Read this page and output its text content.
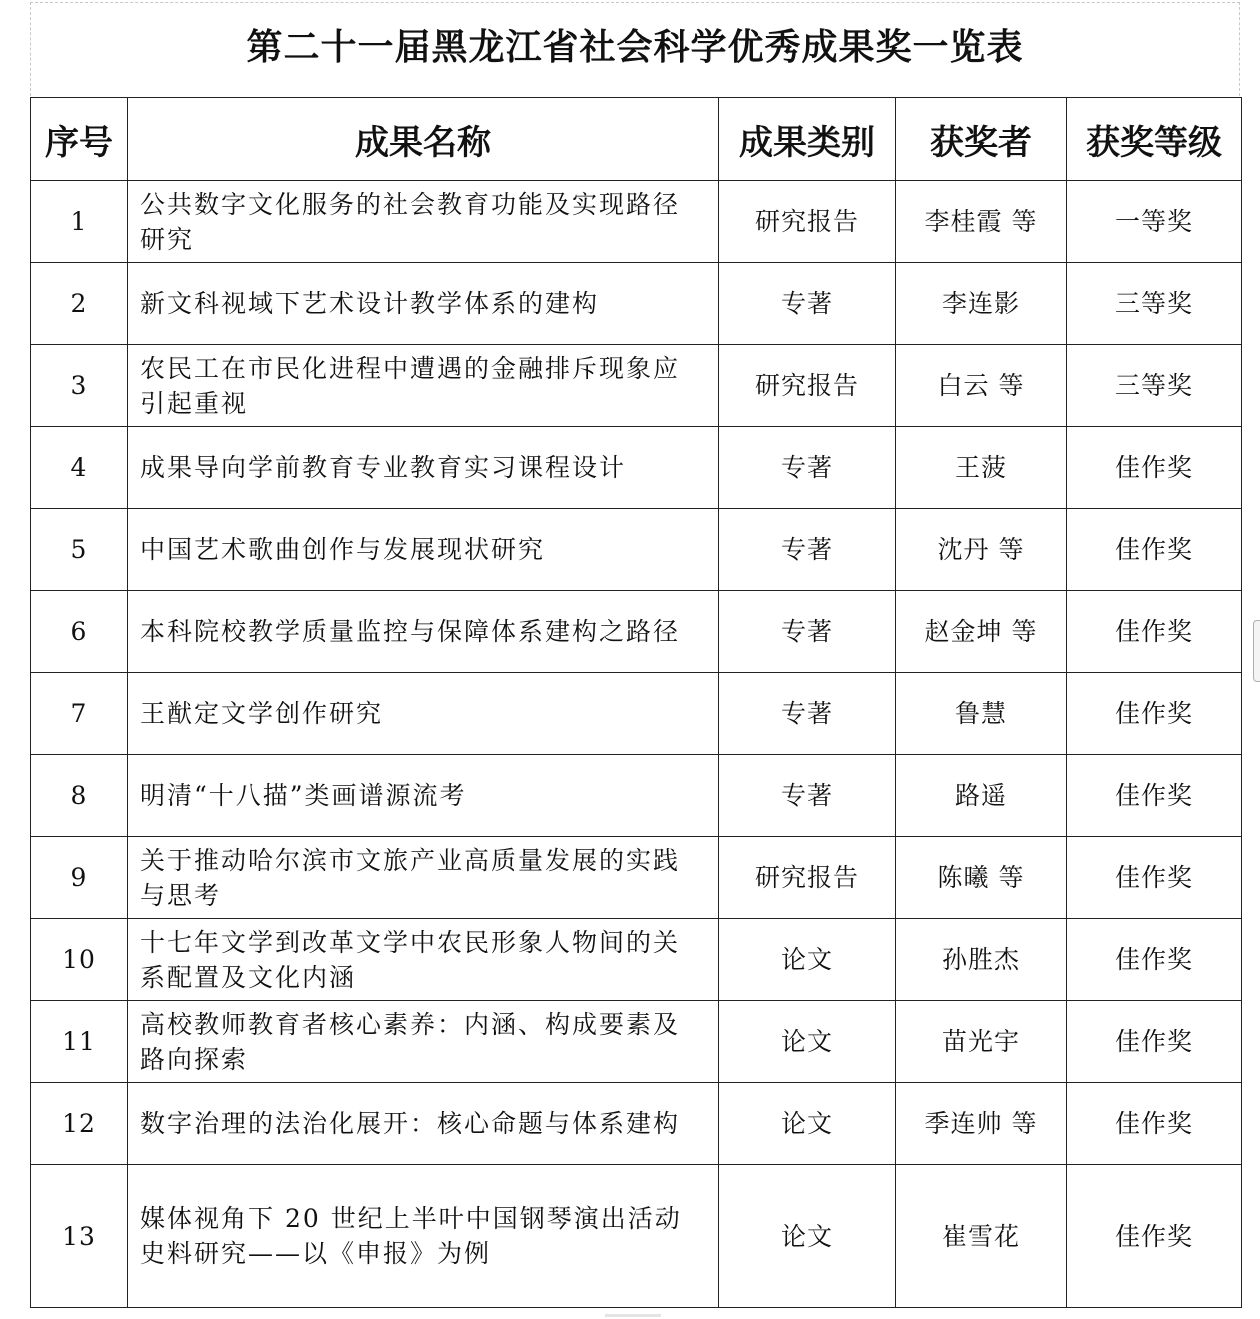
第二十一届黑龙江省社会科学优秀成果奖一览表
序号	成果名称	成果类别	获奖者	获奖等级
1	公共数字文化服务的社会教育功能及实现路径研究	研究报告	李桂霞 等	一等奖
2	新文科视域下艺术设计教学体系的建构	专著	李连影	三等奖
3	农民工在市民化进程中遭遇的金融排斥现象应引起重视	研究报告	白云 等	三等奖
4	成果导向学前教育专业教育实习课程设计	专著	王菠	佳作奖
5	中国艺术歌曲创作与发展现状研究	专著	沈丹 等	佳作奖
6	本科院校教学质量监控与保障体系建构之路径	专著	赵金坤 等	佳作奖
7	王猷定文学创作研究	专著	鲁慧	佳作奖
8	明清“十八描”类画谱源流考	专著	路遥	佳作奖
9	关于推动哈尔滨市文旅产业高质量发展的实践与思考	研究报告	陈曦 等	佳作奖
10	十七年文学到改革文学中农民形象人物间的关系配置及文化内涵	论文	孙胜杰	佳作奖
11	高校教师教育者核心素养：内涵、构成要素及路向探索	论文	苗光宇	佳作奖
12	数字治理的法治化展开：核心命题与体系建构	论文	季连帅 等	佳作奖
13	媒体视角下 20 世纪上半叶中国钢琴演出活动史料研究——以《申报》为例	论文	崔雪花	佳作奖
